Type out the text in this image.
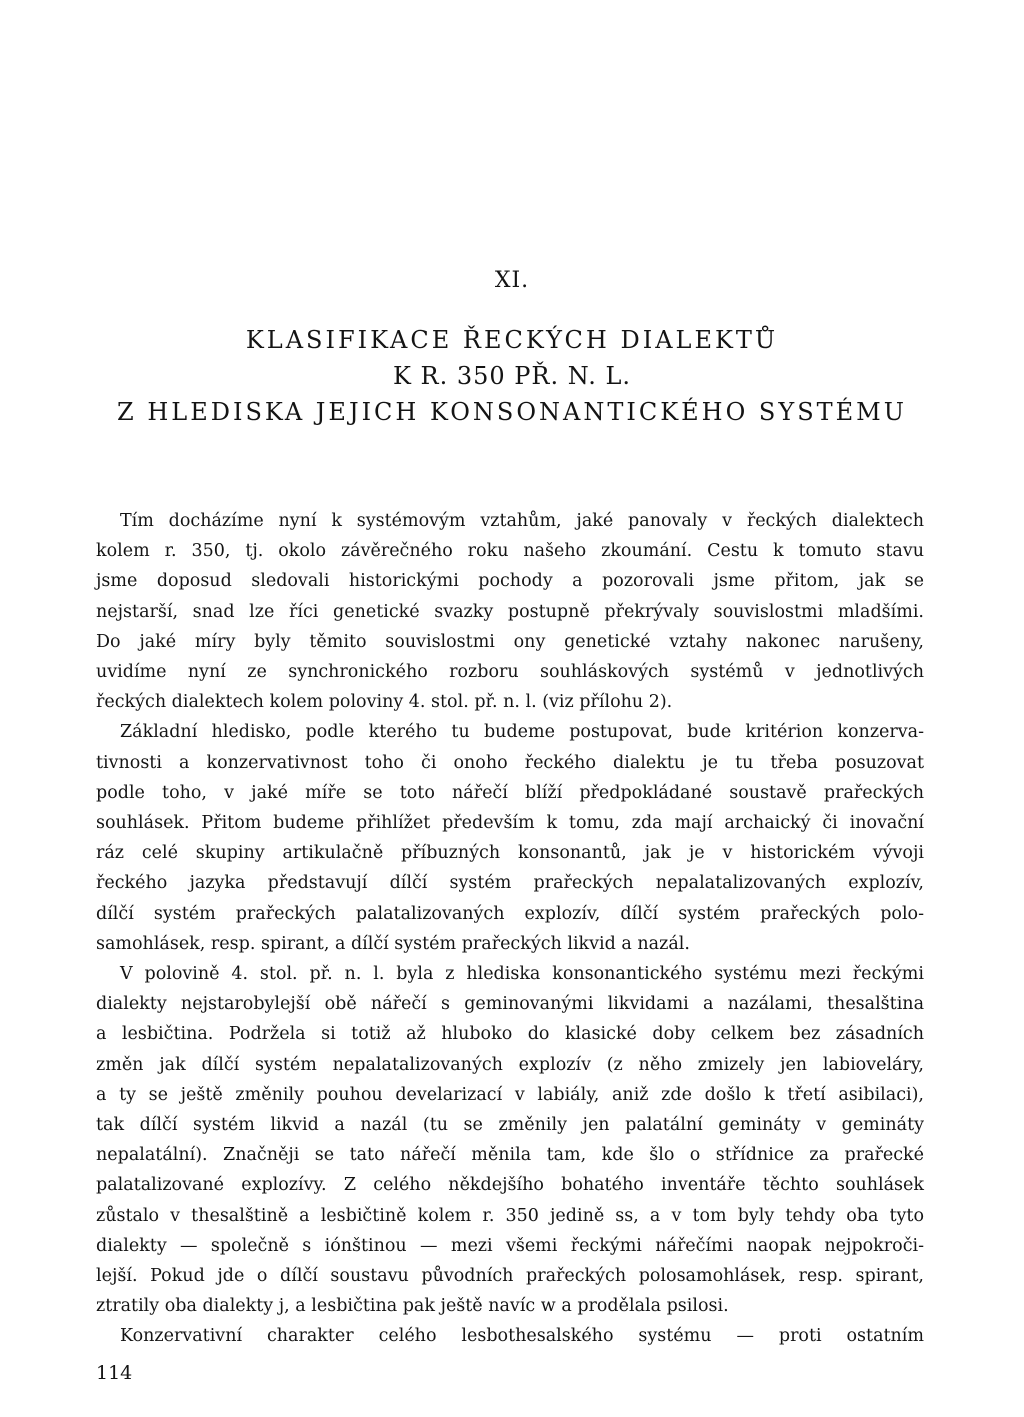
XI.
KLASIFIKACE ŘECKÝCH DIALEKTŮ
K R. 350 PŘ. N. L.
Z HLEDISKA JEJICH KONSONANTICKÉHO SYSTÉMU

Tím docházíme nyní k systémovým vztahům, jaké panovaly v řeckých dialektech
kolem r. 350, tj. okolo závěrečného roku našeho zkoumání. Cestu k tomuto stavu
jsme doposud sledovali historickými pochody a pozorovali jsme přitom, jak se
nejstarší, snad lze říci genetické svazky postupně překrývaly souvislostmi mladšími.
Do jaké míry byly těmito souvislostmi ony genetické vztahy nakonec narušeny,
uvidíme nyní ze synchronického rozboru souhláskových systémů v jednotlivých
řeckých dialektech kolem poloviny 4. stol. př. n. l. (viz přílohu 2).

Základní hledisko, podle kterého tu budeme postupovat, bude kritérion konzerva-
tivnosti a konzervativnost toho či onoho řeckého dialektu je tu třeba posuzovat
podle toho, v jaké míře se toto nářečí blíží předpokládané soustavě prařeckých
souhlásek. Přitom budeme přihlížet především k tomu, zda mají archaický či inovační
ráz celé skupiny artikulačně příbuzných konsonantů, jak je v historickém vývoji
řeckého jazyka představují dílčí systém prařeckých nepalatalizovaných explozív,
dílčí systém prařeckých palatalizovaných explozív, dílčí systém prařeckých polo-
samohlásek, resp. spirant, a dílčí systém prařeckých likvid a nazál.

V polovině 4. stol. př. n. l. byla z hlediska konsonantického systému mezi řeckými
dialekty nejstarobylejší obě nářečí s geminovanými likvidami a nazálami, thesalština
a lesbičtina. Podržela si totiž až hluboko do klasické doby celkem bez zásadních
změn jak dílčí systém nepalatalizovaných explozív (z něho zmizely jen labioveláry,
a ty se ještě změnily pouhou develarizací v labiály, aniž zde došlo k třetí asibilaci),
tak dílčí systém likvid a nazál (tu se změnily jen palatální gemináty v gemináty
nepalatální). Značněji se tato nářečí měnila tam, kde šlo o střídnice za prařecké
palatalizované explozívy. Z celého někdejšího bohatého inventáře těchto souhlásek
zůstalo v thesalštině a lesbičtině kolem r. 350 jedině ss, a v tom byly tehdy oba tyto
dialekty — společně s iónštinou — mezi všemi řeckými nářečími naopak nejpokroči-
lejší. Pokud jde o dílčí soustavu původních prařeckých polosamohlásek, resp. spirant,
ztratily oba dialekty j, a lesbičtina pak ještě navíc w a prodělala psilosi.

Konzervativní charakter celého lesbothesalského systému — proti ostatním

114
